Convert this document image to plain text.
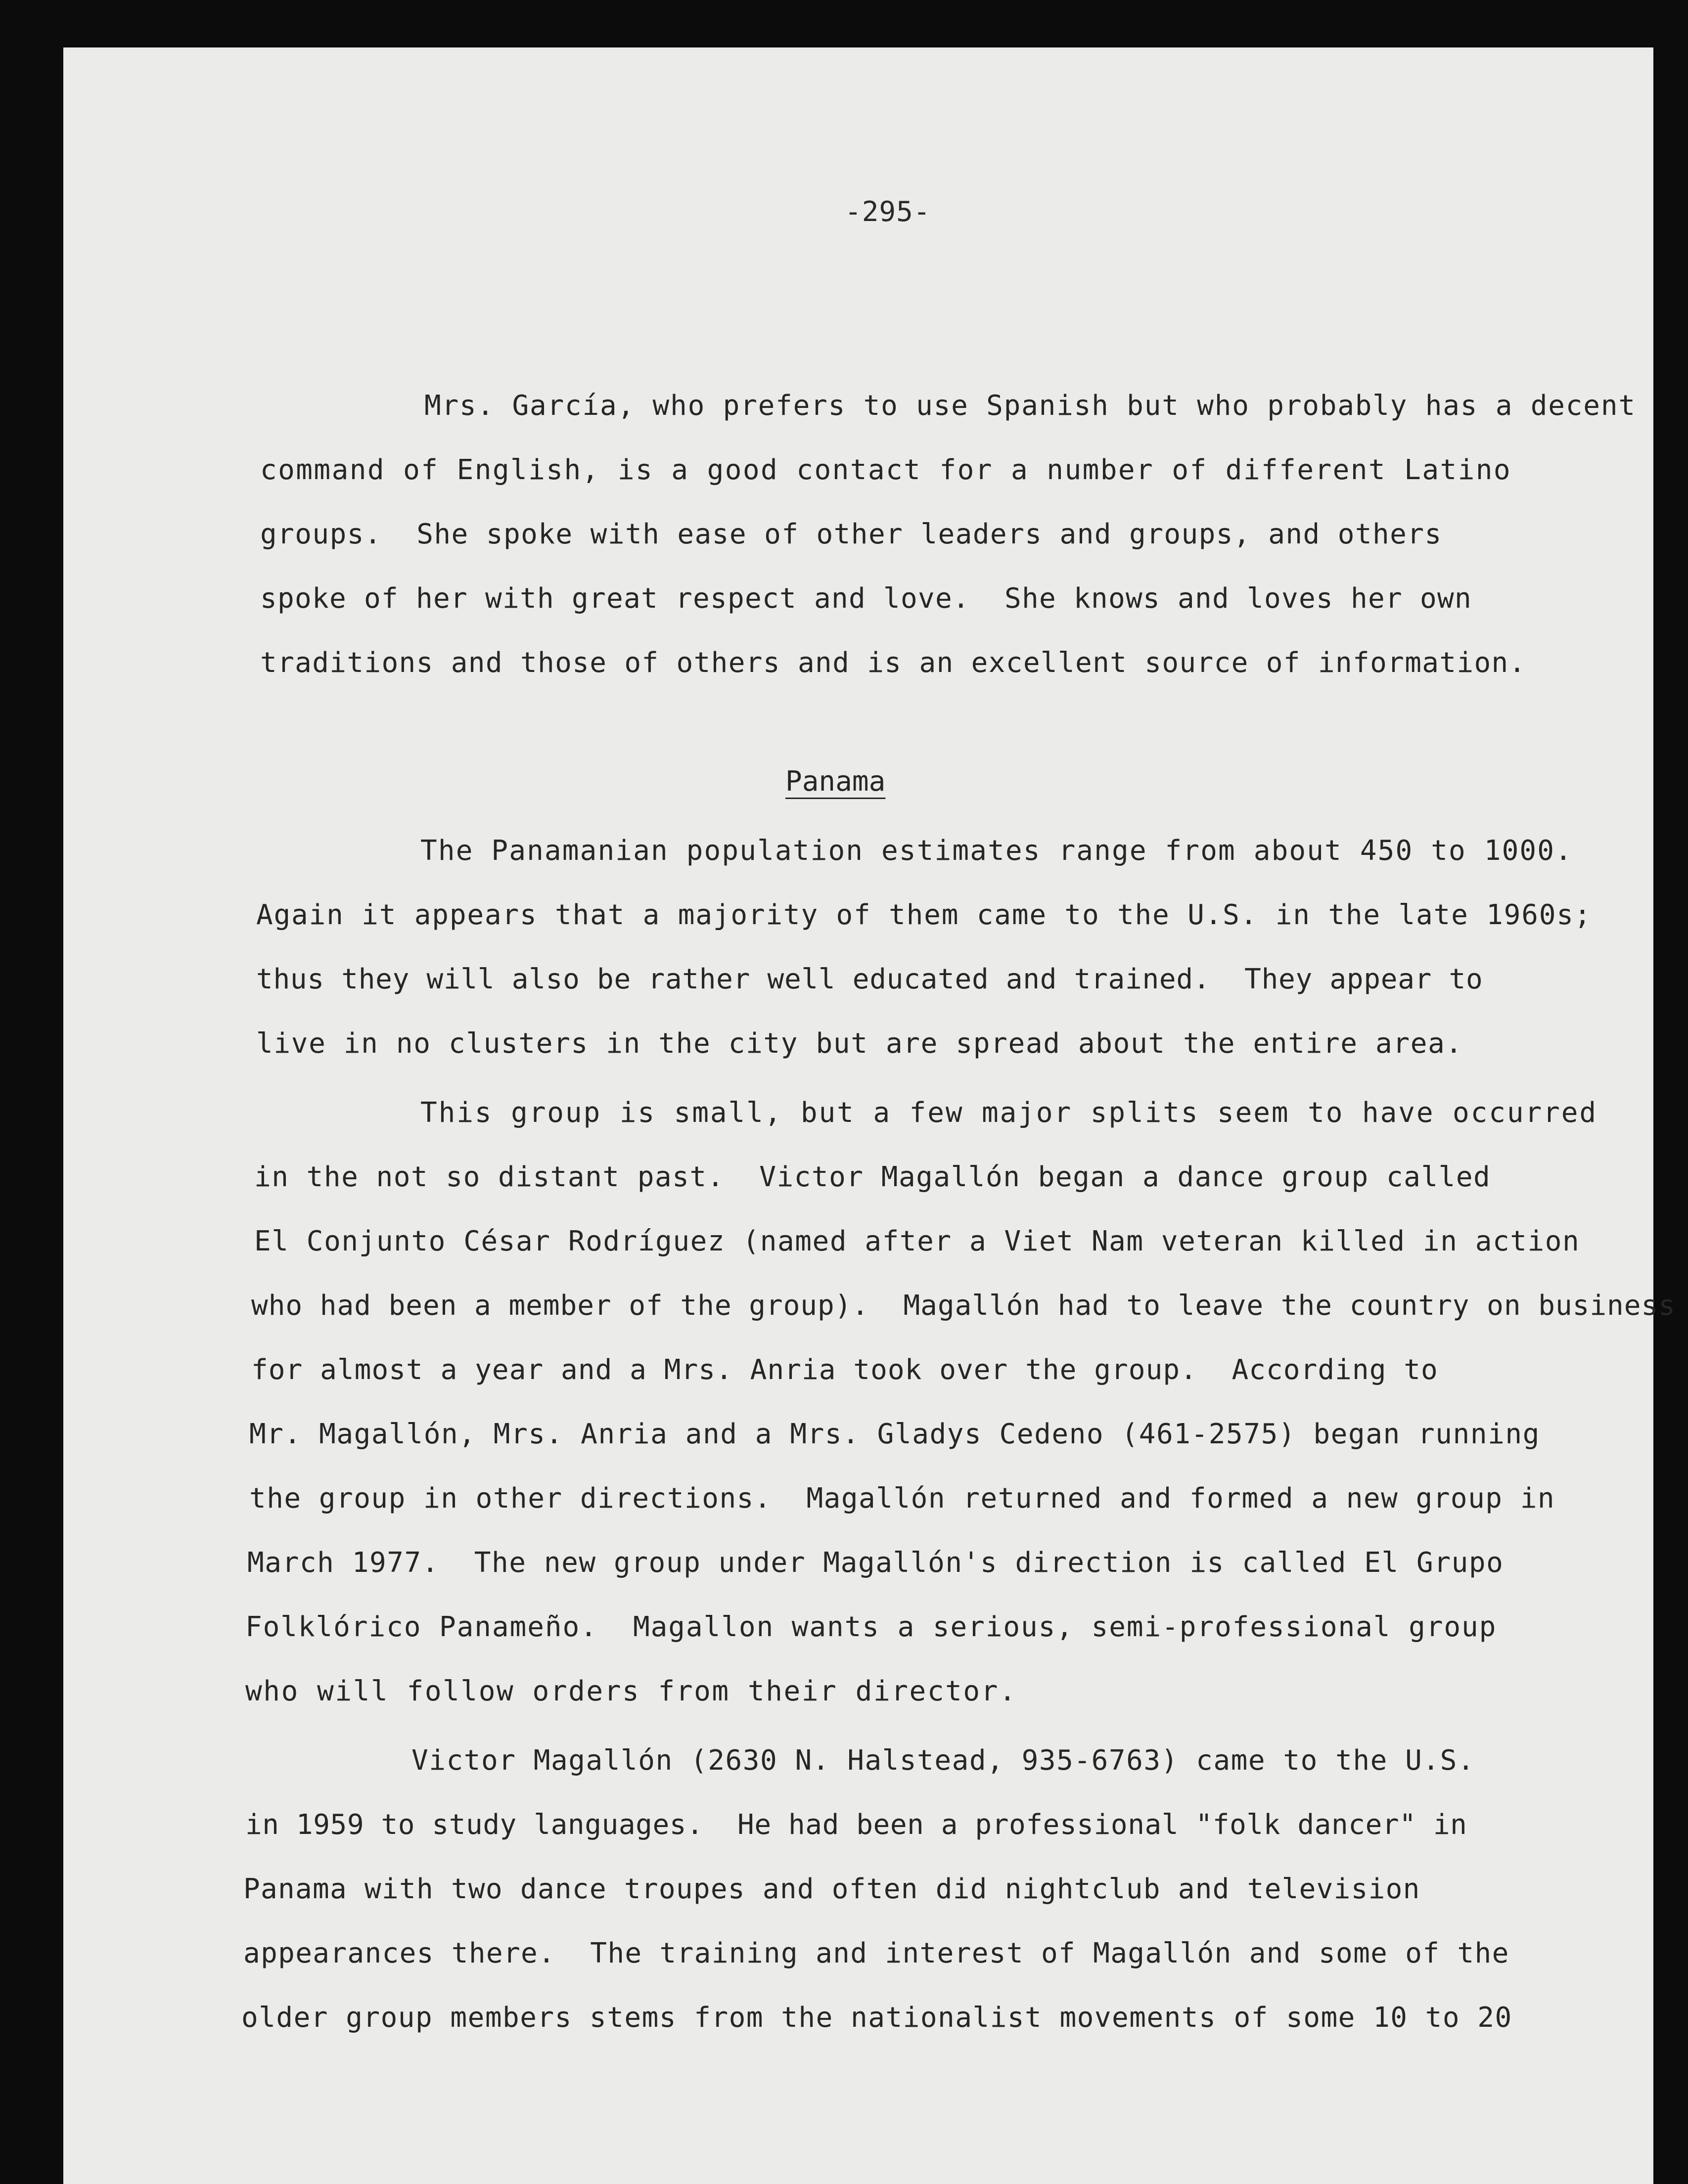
-295-
Mrs. García, who prefers to use Spanish but who probably has a decent
command of English, is a good contact for a number of different Latino
groups.  She spoke with ease of other leaders and groups, and others
spoke of her with great respect and love.  She knows and loves her own
traditions and those of others and is an excellent source of information.
Panama
The Panamanian population estimates range from about 450 to 1000.
Again it appears that a majority of them came to the U.S. in the late 1960s;
thus they will also be rather well educated and trained.  They appear to
live in no clusters in the city but are spread about the entire area.
This group is small, but a few major splits seem to have occurred
in the not so distant past.  Victor Magallón began a dance group called
El Conjunto César Rodríguez (named after a Viet Nam veteran killed in action
who had been a member of the group).  Magallón had to leave the country on business
for almost a year and a Mrs. Anria took over the group.  According to
Mr. Magallón, Mrs. Anria and a Mrs. Gladys Cedeno (461-2575) began running
the group in other directions.  Magallón returned and formed a new group in
March 1977.  The new group under Magallón's direction is called El Grupo
Folklórico Panameño.  Magallon wants a serious, semi-professional group
who will follow orders from their director.
Victor Magallón (2630 N. Halstead, 935-6763) came to the U.S.
in 1959 to study languages.  He had been a professional "folk dancer" in
Panama with two dance troupes and often did nightclub and television
appearances there.  The training and interest of Magallón and some of the
older group members stems from the nationalist movements of some 10 to 20
